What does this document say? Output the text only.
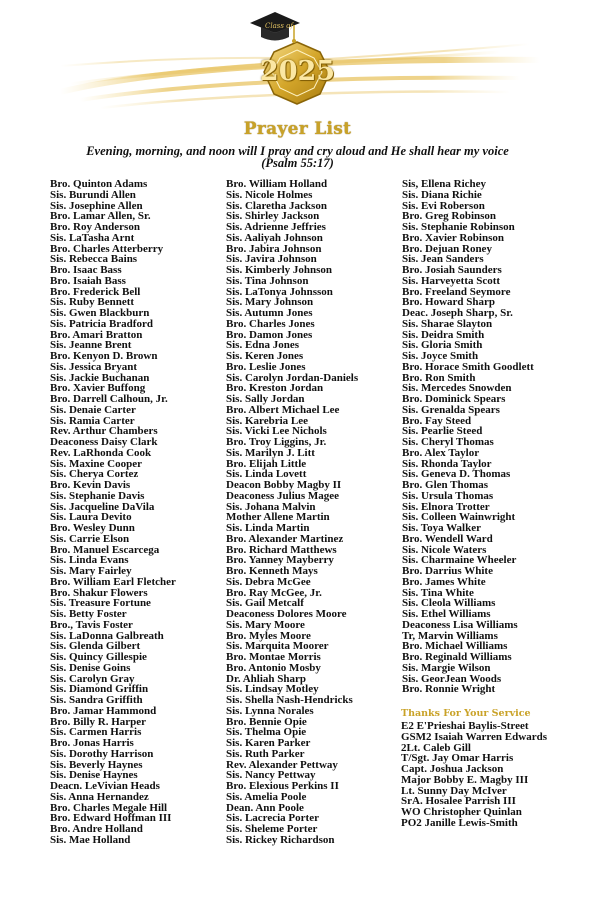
Class of
2025
Prayer List
Evening, morning, and noon will I pray and cry aloud and He shall hear my voice
(Psalm 55:17)
Bro. Quinton Adams
Sis. Burundi Allen
Sis. Josephine Allen
Bro. Lamar Allen, Sr.
Bro. Roy Anderson
Sis. LaTasha Arnt
Bro. Charles Atterberry
Sis. Rebecca Bains
Bro. Isaac Bass
Bro. Isaiah Bass
Bro. Frederick Bell
Sis. Ruby Bennett
Sis. Gwen Blackburn
Sis. Patricia Bradford
Bro. Amari Bratton
Sis. Jeanne Brent
Bro. Kenyon D. Brown
Sis. Jessica Bryant
Sis. Jackie Buchanan
Bro. Xavier Buffong
Bro. Darrell Calhoun, Jr.
Sis. Denaie Carter
Sis. Ramia Carter
Rev. Arthur Chambers
Deaconess Daisy Clark
Rev. LaRhonda Cook
Sis. Maxine Cooper
Sis. Cherya Cortez
Bro. Kevin Davis
Sis. Stephanie Davis
Sis. Jacqueline DaVila
Sis. Laura Devito
Bro. Wesley Dunn
Sis. Carrie Elson
Bro. Manuel Escarcega
Sis. Linda Evans
Sis. Mary Fairley
Bro. William Earl Fletcher
Bro. Shakur Flowers
Sis. Treasure Fortune
Sis. Betty Foster
Bro., Tavis Foster
Sis. LaDonna Galbreath
Sis. Glenda Gilbert
Sis. Quincy Gillespie
Sis. Denise Goins
Sis. Carolyn Gray
Sis. Diamond Griffin
Sis. Sandra Griffith
Bro. Jamar Hammond
Bro. Billy R. Harper
Sis. Carmen Harris
Bro. Jonas Harris
Sis. Dorothy Harrison
Sis. Beverly Haynes
Sis. Denise Haynes
Deacn. LeVivian Heads
Sis. Anna Hernandez
Bro. Charles Megale Hill
Bro. Edward Hoffman III
Bro. Andre Holland
Sis. Mae Holland
Bro. William Holland
Sis. Nicole Holmes
Sis. Claretha Jackson
Sis. Shirley Jackson
Sis. Adrienne Jeffries
Sis. Aaliyah Johnson
Bro. Jabira Johnson
Sis. Javira Johnson
Sis. Kimberly Johnson
Sis. Tina Johnson
Sis. LaTonya Johnsson
Sis. Mary Johnson
Sis. Autumn Jones
Bro. Charles Jones
Bro. Damon Jones
Sis. Edna Jones
Sis. Keren Jones
Bro. Leslie Jones
Sis. Carolyn Jordan-Daniels
Bro. Kreston Jordan
Sis. Sally Jordan
Bro. Albert Michael Lee
Sis. Karebria Lee
Sis. Vicki Lee Nichols
Bro. Troy Liggins, Jr.
Sis. Marilyn J. Litt
Bro. Elijah Little
Sis. Linda Lovett
Deacon Bobby Magby II
Deaconess Julius Magee
Sis. Johana Malvin
Mother Allene Martin
Sis. Linda Martin
Bro. Alexander Martinez
Bro. Richard Matthews
Bro. Yanney Mayberry
Bro. Kenneth Mays
Sis. Debra McGee
Bro. Ray McGee, Jr.
Sis. Gail Metcalf
Deaconess Dolores Moore
Sis. Mary Moore
Bro. Myles Moore
Sis. Marquita Moorer
Bro. Montae Morris
Bro. Antonio Mosby
Dr. Ahliah Sharp
Sis. Lindsay Motley
Sis. Shella Nash-Hendricks
Sis. Lynna Norales
Bro. Bennie Opie
Sis. Thelma Opie
Sis. Karen Parker
Sis. Ruth Parker
Rev. Alexander Pettway
Sis. Nancy Pettway
Bro. Elexious Perkins II
Sis. Amelia Poole
Dean. Ann Poole
Sis. Lacrecia Porter
Sis. Sheleme Porter
Sis. Rickey Richardson
Sis, Ellena Richey
Sis. Diana Richie
Sis. Evi Roberson
Bro. Greg Robinson
Sis. Stephanie Robinson
Bro. Xavier Robinson
Bro. Dejuan Roney
Sis. Jean Sanders
Bro. Josiah Saunders
Sis. Harveyetta Scott
Bro. Freeland Seymore
Bro. Howard Sharp
Deac. Joseph Sharp, Sr.
Sis. Sharae Slayton
Sis. Deidra Smith
Sis. Gloria Smith
Sis. Joyce Smith
Bro. Horace Smith Goodlett
Bro. Ron Smith
Sis. Mercedes Snowden
Bro. Dominick Spears
Sis. Grenalda Spears
Bro. Fay Steed
Sis. Pearlie Steed
Sis. Cheryl Thomas
Bro. Alex Taylor
Sis. Rhonda Taylor
Sis. Geneva D. Thomas
Bro. Glen Thomas
Sis. Ursula Thomas
Sis. Elnora Trotter
Sis. Colleen Wainwright
Sis. Toya Walker
Bro. Wendell Ward
Sis. Nicole Waters
Sis. Charmaine Wheeler
Bro. Darrius White
Bro. James White
Sis. Tina White
Sis. Cleola Williams
Sis. Ethel Williams
Deaconess Lisa Williams
Tr, Marvin Williams
Bro. Michael Williams
Bro. Reginald Williams
Sis. Margie Wilson
Sis. GeorJean Woods
Bro. Ronnie Wright
Thanks For Your Service
E2 E'Prieshai Baylis-Street
GSM2 Isaiah Warren Edwards
2Lt. Caleb Gill
T/Sgt. Jay Omar Harris
Capt. Joshua Jackson
Major Bobby E. Magby III
Lt. Sunny Day McIver
SrA. Hosalee Parrish III
WO Christopher Quinlan
PO2 Janille Lewis-Smith
